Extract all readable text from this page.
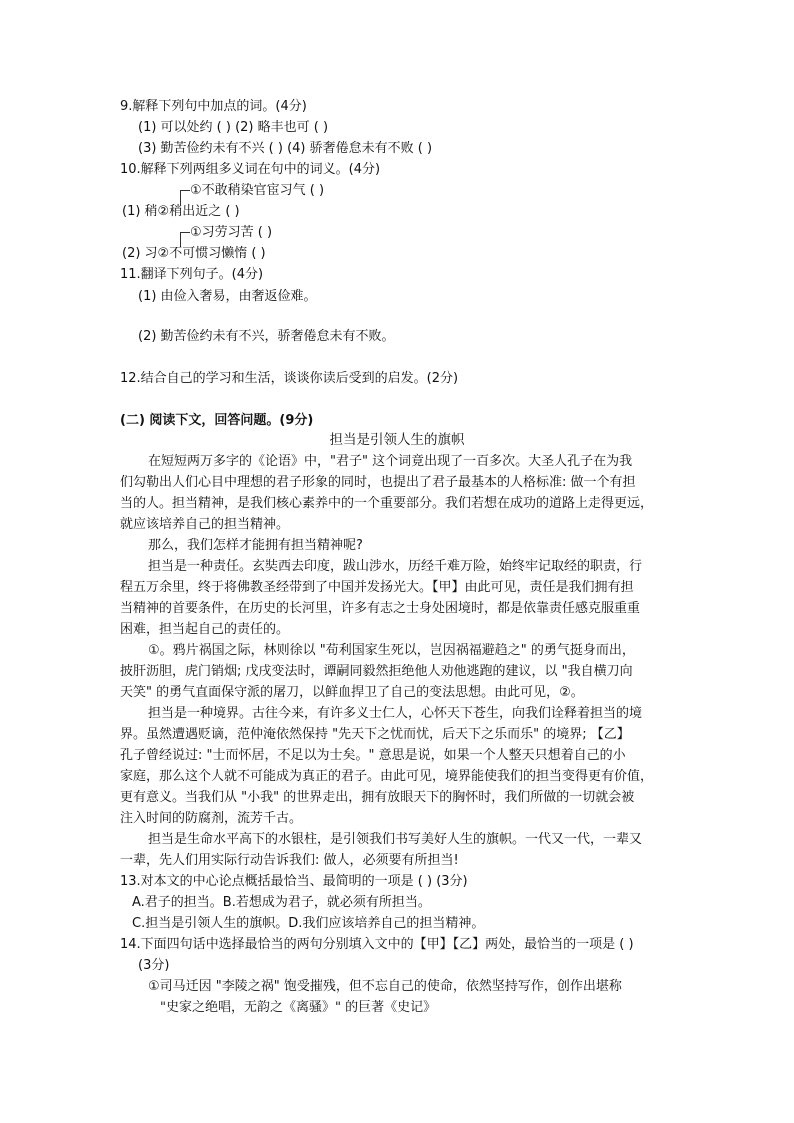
9.解释下列句中加点的词。(4分)
(1) 可以处约 ( ) (2) 略丰也可 ( )
(3) 勤苦俭约未有不兴 ( ) (4) 骄奢倦怠未有不败 ( )
10.解释下列两组多义词在句中的词义。(4分)
①不敢稍染官宦习气 ( )
(1) 稍②稍出近之 ( )
①习劳习苦 ( )
(2) 习②不可惯习懒惰 ( )
11.翻译下列句子。(4分)
(1) 由俭入奢易，由奢返俭难。
(2) 勤苦俭约未有不兴，骄奢倦怠未有不败。
12.结合自己的学习和生活，谈谈你读后受到的启发。(2分)
(二) 阅读下文，回答问题。(9分)
担当是引领人生的旗帜
在短短两万多字的《论语》中，"君子" 这个词竟出现了一百多次。大圣人孔子在为我
们勾勒出人们心目中理想的君子形象的同时，也提出了君子最基本的人格标准: 做一个有担
当的人。担当精神，是我们核心素养中的一个重要部分。我们若想在成功的道路上走得更远，
就应该培养自己的担当精神。
那么，我们怎样才能拥有担当精神呢?
担当是一种责任。玄奘西去印度，跋山涉水，历经千难万险，始终牢记取经的职责，行
程五万余里，终于将佛教圣经带到了中国并发扬光大。【甲】由此可见，责任是我们拥有担
当精神的首要条件，在历史的长河里，许多有志之士身处困境时，都是依靠责任感克服重重
困难，担当起自己的责任的。
①。鸦片祸国之际，林则徐以 "苟利国家生死以，岂因祸福避趋之" 的勇气挺身而出，
披肝沥胆，虎门销烟; 戊戌变法时，谭嗣同毅然拒绝他人劝他逃跑的建议，以 "我自横刀向
天笑" 的勇气直面保守派的屠刀，以鲜血捍卫了自己的变法思想。由此可见，②。
担当是一种境界。古往今来，有许多义士仁人，心怀天下苍生，向我们诠释着担当的境
界。虽然遭遇贬谪，范仲淹依然保持 "先天下之忧而忧，后天下之乐而乐" 的境界; 【乙】
孔子曾经说过: "士而怀居，不足以为士矣。" 意思是说，如果一个人整天只想着自己的小
家庭，那么这个人就不可能成为真正的君子。由此可见，境界能使我们的担当变得更有价值，
更有意义。当我们从 "小我" 的世界走出，拥有放眼天下的胸怀时，我们所做的一切就会被
注入时间的防腐剂，流芳千古。
担当是生命水平高下的水银柱，是引领我们书写美好人生的旗帜。一代又一代，一辈又
一辈，先人们用实际行动告诉我们: 做人，必须要有所担当!
13.对本文的中心论点概括最恰当、最简明的一项是 ( ) (3分)
A.君子的担当。B.若想成为君子，就必须有所担当。
C.担当是引领人生的旗帜。D.我们应该培养自己的担当精神。
14.下面四句话中选择最恰当的两句分别填入文中的【甲】【乙】两处，最恰当的一项是 ( )
(3分)
①司马迁因 "李陵之祸" 饱受摧残，但不忘自己的使命，依然坚持写作，创作出堪称
"史家之绝唱，无韵之《离骚》" 的巨著《史记》
